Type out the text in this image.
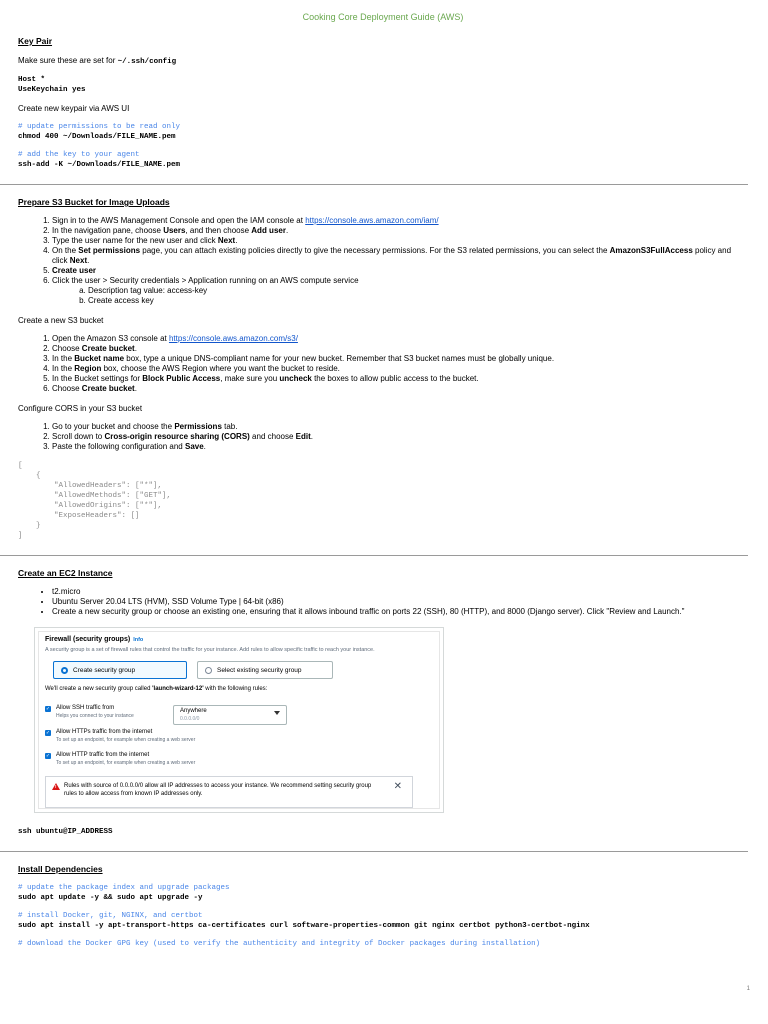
Cooking Core Deployment Guide (AWS)
Key Pair

Make sure these are set for ~/.ssh/config

Host *
UseKeychain yes

Create new keypair via AWS UI

# update permissions to be read only
chmod 400 ~/Downloads/FILE_NAME.pem
# add the key to your agent
ssh-add -K ~/Downloads/FILE_NAME.pem
Prepare S3 Bucket for Image Uploads
1. Sign in to the AWS Management Console and open the IAM console at https://console.aws.amazon.com/iam/
2. In the navigation pane, choose Users, and then choose Add user.
3. Type the user name for the new user and click Next.
4. On the Set permissions page, you can attach existing policies directly to give the necessary permissions. For the S3 related permissions, you can select the AmazonS3FullAccess policy and click Next.
5. Create user
6. Click the user > Security credentials > Application running on an AWS compute service
a. Description tag value: access-key
b. Create access key

Create a new S3 bucket

1. Open the Amazon S3 console at https://console.aws.amazon.com/s3/
2. Choose Create bucket.
3. In the Bucket name box, type a unique DNS-compliant name for your new bucket. Remember that S3 bucket names must be globally unique.
4. In the Region box, choose the AWS Region where you want the bucket to reside.
5. In the Bucket settings for Block Public Access, make sure you uncheck the boxes to allow public access to the bucket.
6. Choose Create bucket.

Configure CORS in your S3 bucket

1. Go to your bucket and choose the Permissions tab.
2. Scroll down to Cross-origin resource sharing (CORS) and choose Edit.
3. Paste the following configuration and Save.
[
{
"AllowedHeaders": ["*"],
"AllowedMethods": ["GET"],
"AllowedOrigins": ["*"],
"ExposeHeaders": []
}
]
Create an EC2 Instance
• t2.micro
• Ubuntu Server 20.04 LTS (HVM), SSD Volume Type | 64-bit (x86)
• Create a new security group or choose an existing one, ensuring that it allows inbound traffic on ports 22 (SSH), 80 (HTTP), and 8000 (Django server). Click "Review and Launch."
Firewall (security groups) Info
A security group is a set of firewall rules that control the traffic for your instance. Add rules to allow specific traffic to reach your instance.
Create security group	Select existing security group
We'll create a new security group called 'launch-wizard-12' with the following rules:
✓ Allow SSH traffic from
Helps you connect to your instance
Anywhere
0.0.0.0/0
✓ Allow HTTPs traffic from the internet
To set up an endpoint, for example when creating a web server
✓ Allow HTTP traffic from the internet
To set up an endpoint, for example when creating a web server
!
Rules with source of 0.0.0.0/0 allow all IP addresses to access your instance. We recommend setting security group rules to allow access from known IP addresses only.
✕
ssh ubuntu@IP_ADDRESS
Install Dependencies
# update the package index and upgrade packages
sudo apt update -y && sudo apt upgrade -y
# install Docker, git, NGINX, and certbot
sudo apt install -y apt-transport-https ca-certificates curl software-properties-common git nginx certbot python3-certbot-nginx
# download the Docker GPG key (used to verify the authenticity and integrity of Docker packages during installation)
1
